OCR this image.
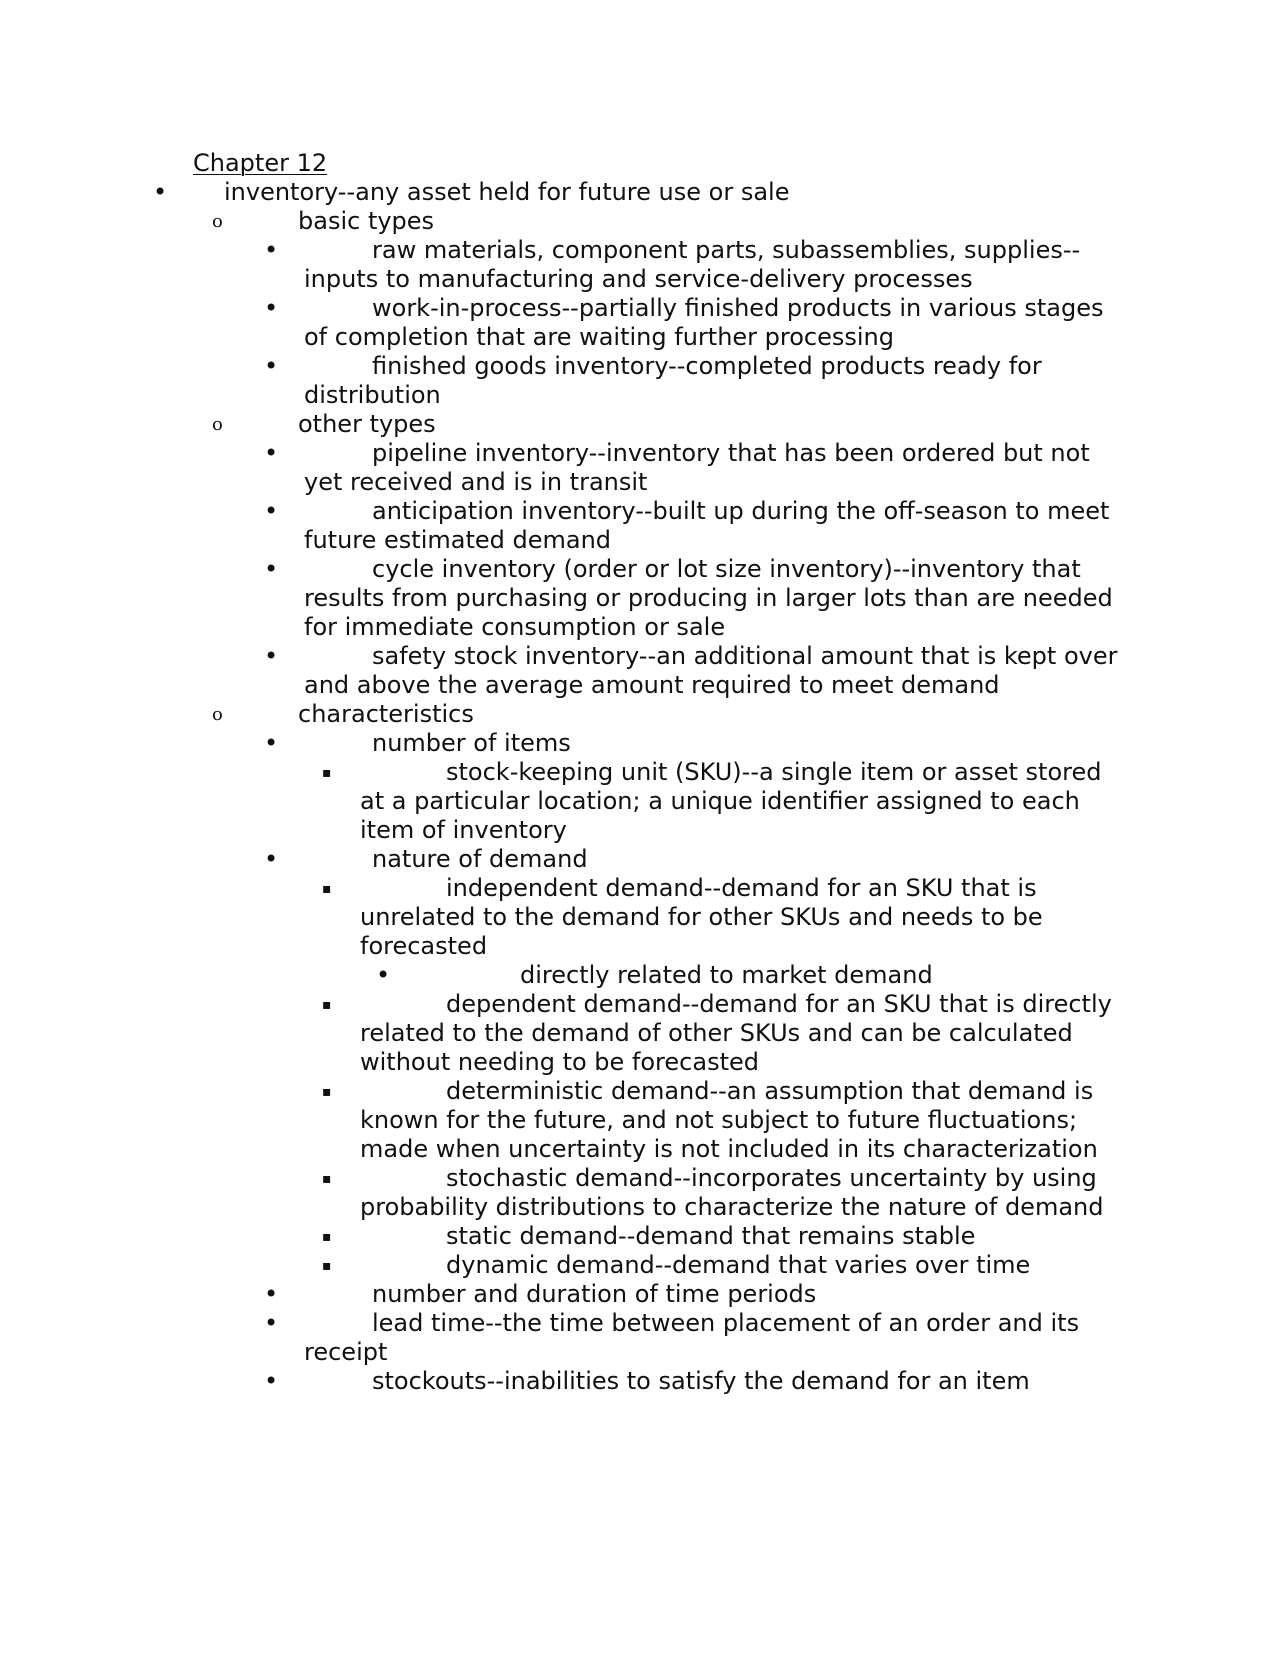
Chapter 12
• inventory--any asset held for future use or sale
o	basic types
•	raw materials, component parts, subassemblies, supplies--inputs to manufacturing and service-delivery processes
•	work-in-process--partially finished products in various stages of completion that are waiting further processing
•	finished goods inventory--completed products ready for distribution
o	other types
•	pipeline inventory--inventory that has been ordered but not yet received and is in transit
•	anticipation inventory--built up during the off-season to meet future estimated demand
•	cycle inventory (order or lot size inventory)--inventory that results from purchasing or producing in larger lots than are needed for immediate consumption or sale
•	safety stock inventory--an additional amount that is kept over and above the average amount required to meet demand
o	characteristics
•	number of items
▪	stock-keeping unit (SKU)--a single item or asset stored at a particular location; a unique identifier assigned to each item of inventory
•	nature of demand
▪	independent demand--demand for an SKU that is unrelated to the demand for other SKUs and needs to be forecasted
•	directly related to market demand
▪	dependent demand--demand for an SKU that is directly related to the demand of other SKUs and can be calculated without needing to be forecasted
▪	deterministic demand--an assumption that demand is known for the future, and not subject to future fluctuations; made when uncertainty is not included in its characterization
▪	stochastic demand--incorporates uncertainty by using probability distributions to characterize the nature of demand
▪	static demand--demand that remains stable
▪	dynamic demand--demand that varies over time
•	number and duration of time periods
•	lead time--the time between placement of an order and its receipt
•	stockouts--inabilities to satisfy the demand for an item
